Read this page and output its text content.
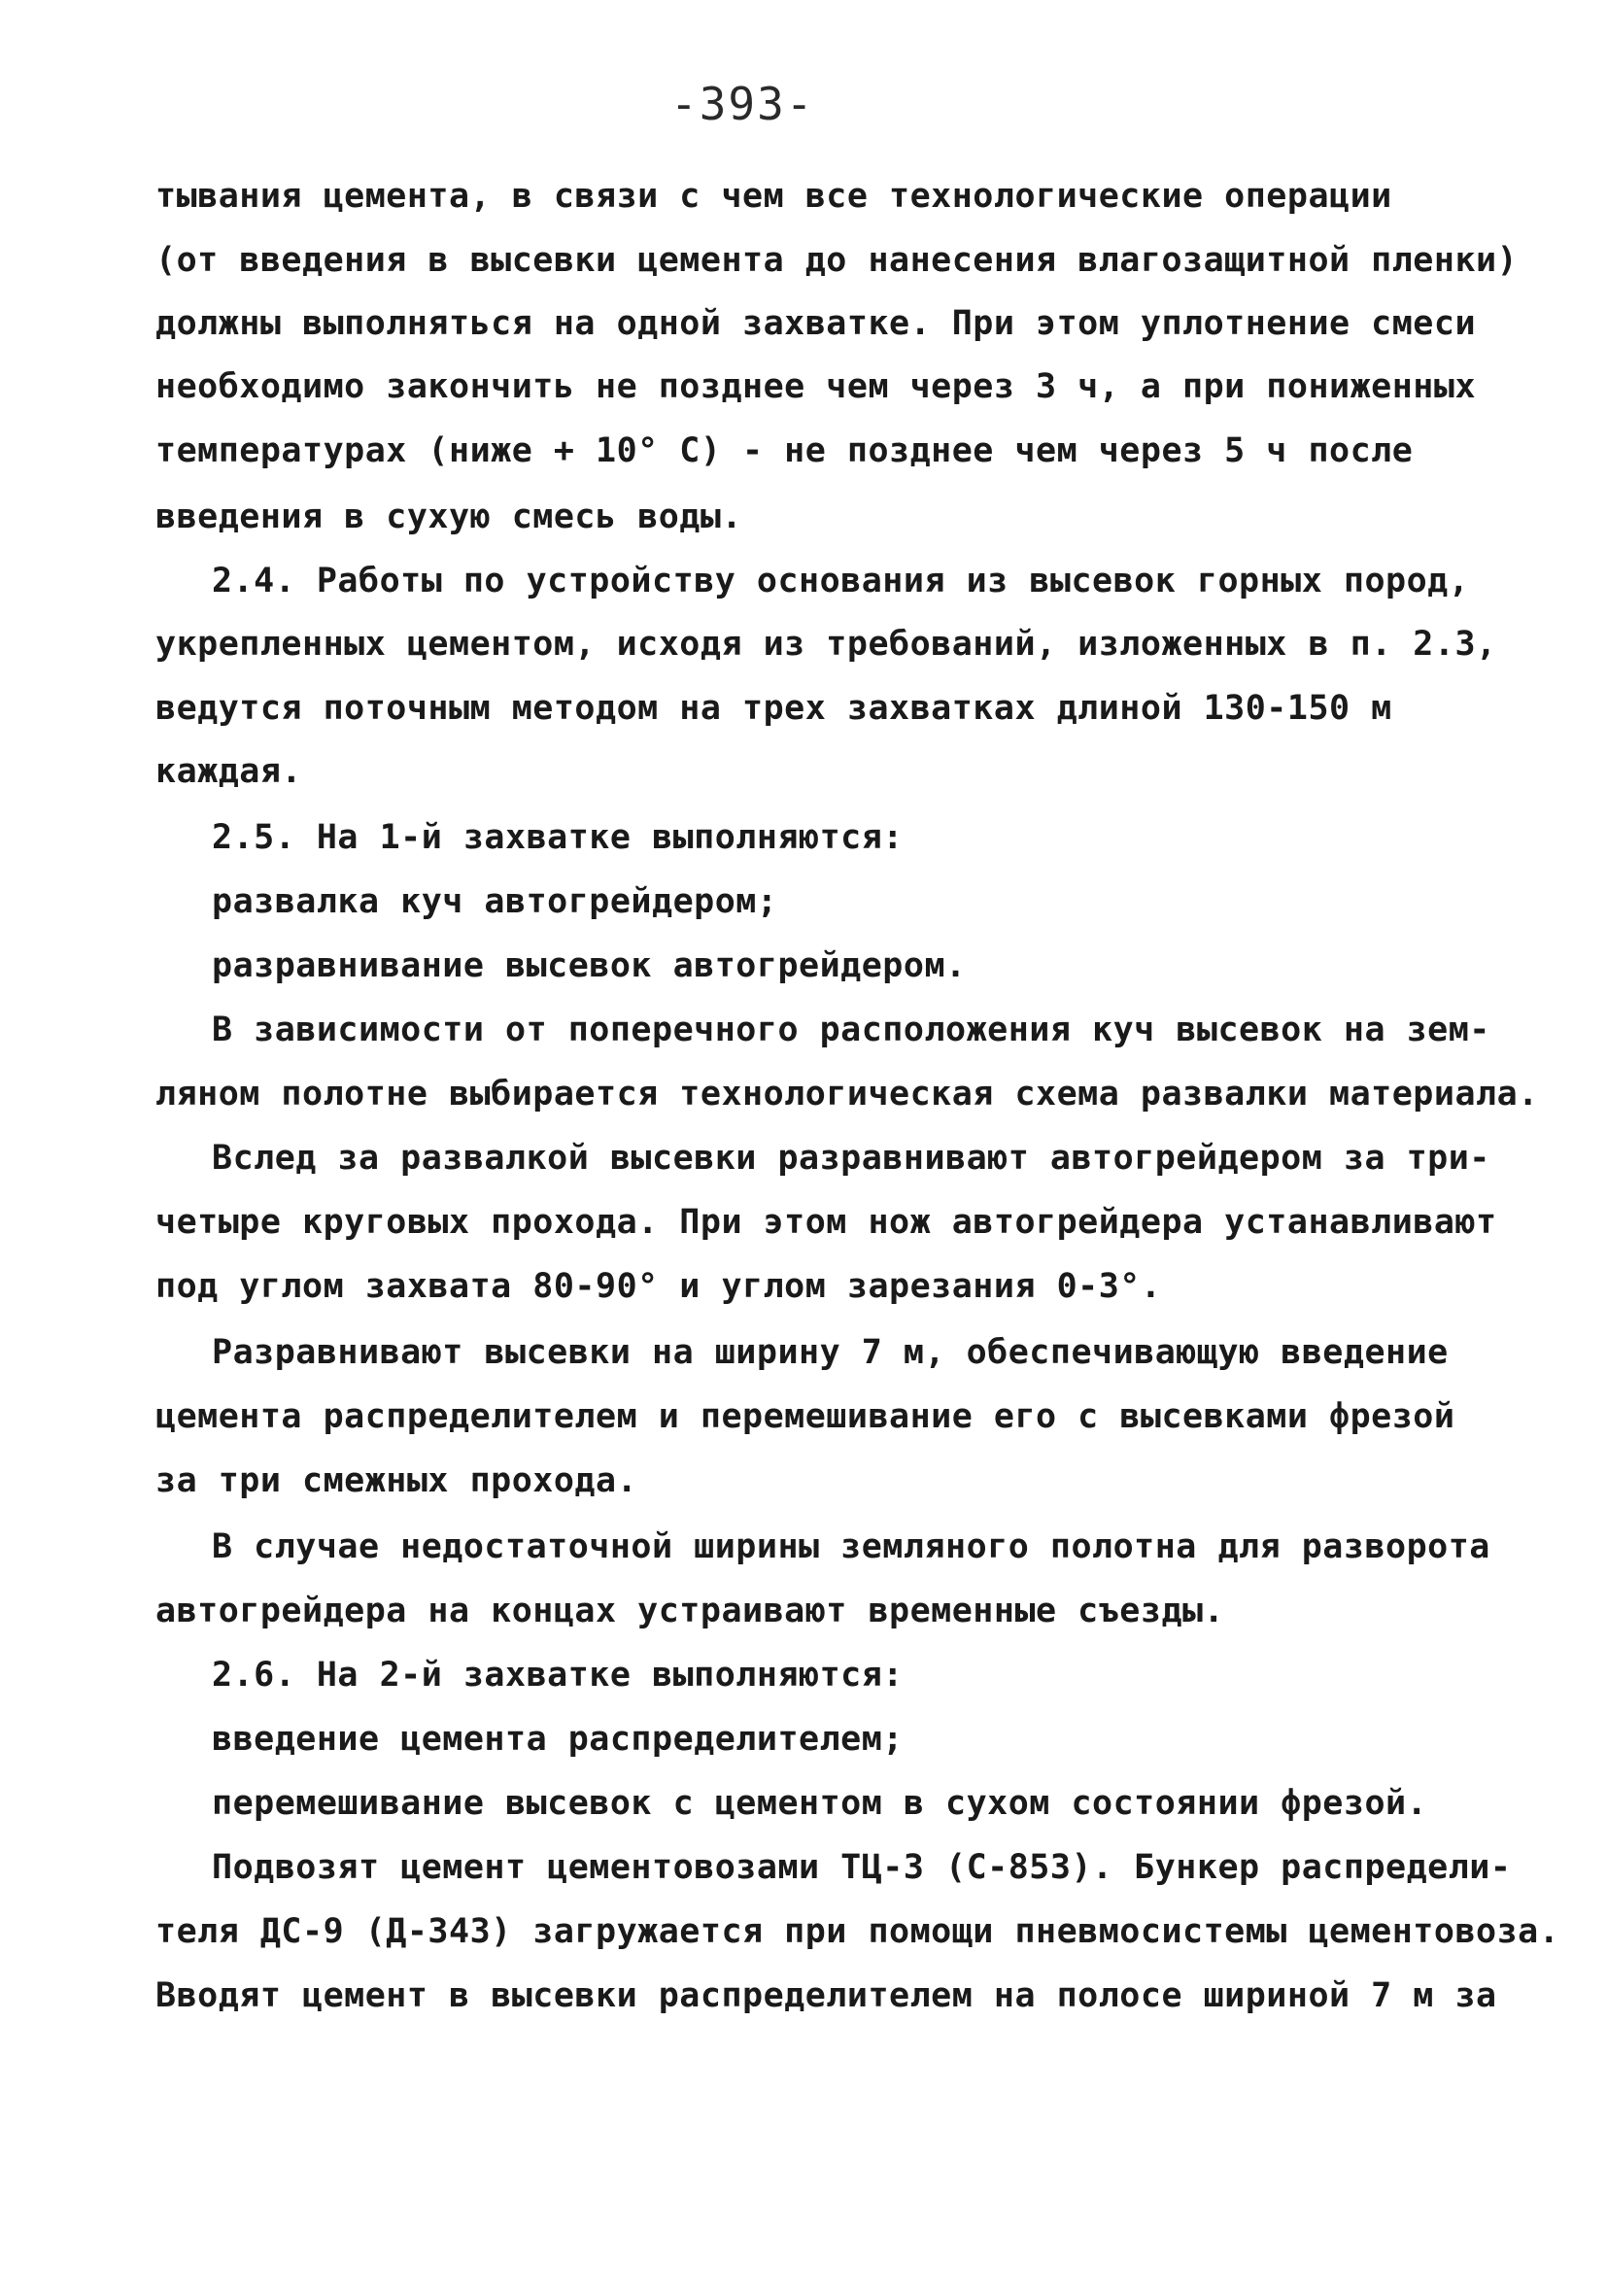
-393-
тывания цемента, в связи с чем все технологические операции
(от введения в высевки цемента до нанесения влагозащитной пленки)
должны выполняться на одной захватке. При этом уплотнение смеси
необходимо закончить не позднее чем через 3 ч, а при пониженных
температурах (ниже + 10° С) - не позднее чем через 5 ч после
введения в сухую смесь воды.
2.4. Работы по устройству основания из высевок горных пород,
укрепленных цементом, исходя из требований, изложенных в п. 2.3,
ведутся поточным методом на трех захватках длиной 130-150 м
каждая.
2.5. На 1-й захватке выполняются:
развалка куч автогрейдером;
разравнивание высевок автогрейдером.
В зависимости от поперечного расположения куч высевок на зем-
ляном полотне выбирается технологическая схема развалки материала.
Вслед за развалкой высевки разравнивают автогрейдером за три-
четыре круговых прохода. При этом нож автогрейдера устанавливают
под углом захвата 80-90° и углом зарезания 0-3°.
Разравнивают высевки на ширину 7 м, обеспечивающую введение
цемента распределителем и перемешивание его с высевками фрезой
за три смежных прохода.
В случае недостаточной ширины земляного полотна для разворота
автогрейдера на концах устраивают временные съезды.
2.6. На 2-й захватке выполняются:
введение цемента распределителем;
перемешивание высевок с цементом в сухом состоянии фрезой.
Подвозят цемент цементовозами ТЦ-3 (С-853). Бункер распредели-
теля ДС-9 (Д-343) загружается при помощи пневмосистемы цементовоза.
Вводят цемент в высевки распределителем на полосе шириной 7 м за
